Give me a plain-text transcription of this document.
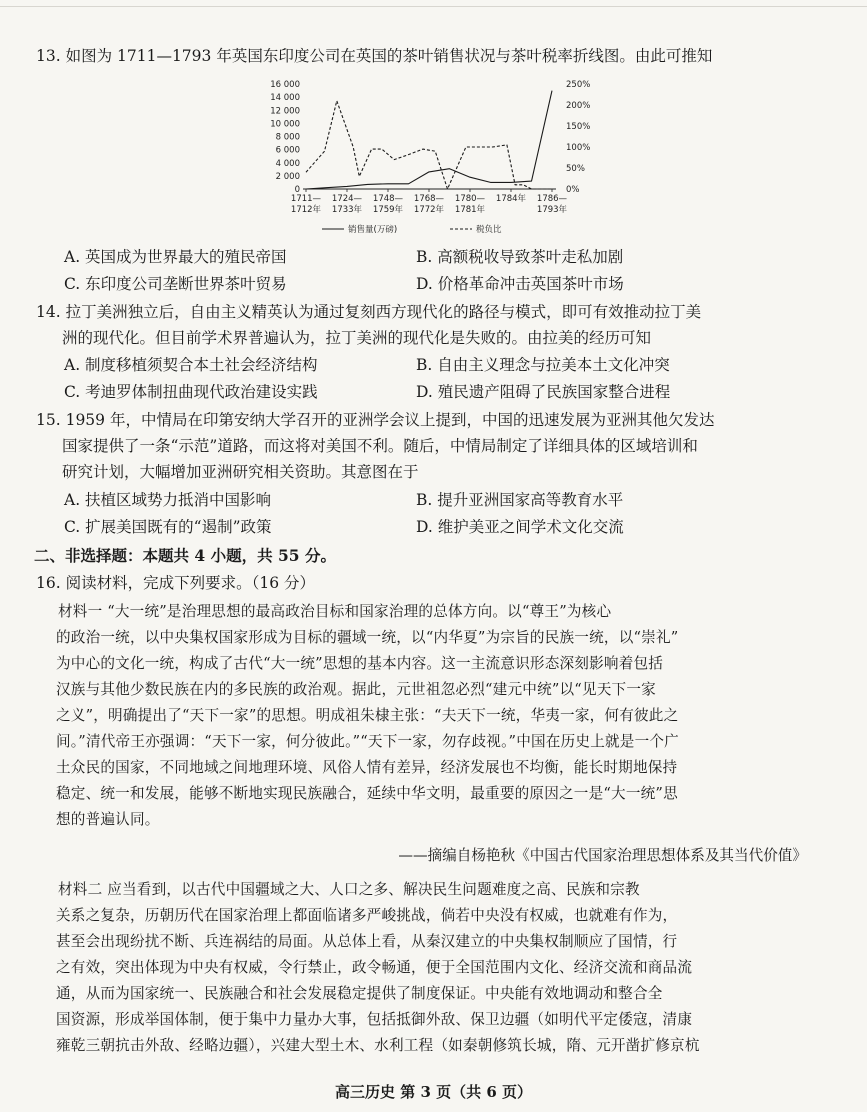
13. 如图为 1711—1793 年英国东印度公司在英国的茶叶销售状况与茶叶税率折线图。由此可推知
16 000
14 000
12 000
10 000
8 000
6 000
4 000
2 000
0
250%
200%
150%
100%
50%
0%
1711— 1712年
1724— 1733年
1748— 1759年
1768— 1772年
1780— 1781年
1784年 1786— 1793年
销售量(万磅)	税负比
A. 英国成为世界最大的殖民帝国	B. 高额税收导致茶叶走私加剧
C. 东印度公司垄断世界茶叶贸易	D. 价格革命冲击英国茶叶市场
14. 拉丁美洲独立后，自由主义精英认为通过复刻西方现代化的路径与模式，即可有效推动拉丁美
洲的现代化。但目前学术界普遍认为，拉丁美洲的现代化是失败的。由拉美的经历可知
A. 制度移植须契合本土社会经济结构	B. 自由主义理念与拉美本土文化冲突
C. 考迪罗体制扭曲现代政治建设实践	D. 殖民遗产阻碍了民族国家整合进程
15. 1959 年，中情局在印第安纳大学召开的亚洲学会议上提到，中国的迅速发展为亚洲其他欠发达
国家提供了一条“示范”道路，而这将对美国不利。随后，中情局制定了详细具体的区域培训和
研究计划，大幅增加亚洲研究相关资助。其意图在于
A. 扶植区域势力抵消中国影响	B. 提升亚洲国家高等教育水平
C. 扩展美国既有的“遏制”政策	D. 维护美亚之间学术文化交流
二、非选择题：本题共 4 小题，共 55 分。
16. 阅读材料，完成下列要求。（16 分）
材料一 “大一统”是治理思想的最高政治目标和国家治理的总体方向。以“尊王”为核心
的政治一统，以中央集权国家形成为目标的疆域一统，以“内华夏”为宗旨的民族一统，以“崇礼”
为中心的文化一统，构成了古代“大一统”思想的基本内容。这一主流意识形态深刻影响着包括
汉族与其他少数民族在内的多民族的政治观。据此，元世祖忽必烈“建元中统”以“见天下一家
之义”，明确提出了“天下一家”的思想。明成祖朱棣主张：“夫天下一统，华夷一家，何有彼此之
间。”清代帝王亦强调：“天下一家，何分彼此。”“天下一家，勿存歧视。”中国在历史上就是一个广
土众民的国家，不同地域之间地理环境、风俗人情有差异，经济发展也不均衡，能长时期地保持
稳定、统一和发展，能够不断地实现民族融合，延续中华文明，最重要的原因之一是“大一统”思
想的普遍认同。
——摘编自杨艳秋《中国古代国家治理思想体系及其当代价值》
材料二 应当看到，以古代中国疆域之大、人口之多、解决民生问题难度之高、民族和宗教
关系之复杂，历朝历代在国家治理上都面临诸多严峻挑战，倘若中央没有权威，也就难有作为，
甚至会出现纷扰不断、兵连祸结的局面。从总体上看，从秦汉建立的中央集权制顺应了国情，行
之有效，突出体现为中央有权威，令行禁止，政令畅通，便于全国范围内文化、经济交流和商品流
通，从而为国家统一、民族融合和社会发展稳定提供了制度保证。中央能有效地调动和整合全
国资源，形成举国体制，便于集中力量办大事，包括抵御外敌、保卫边疆（如明代平定倭寇，清康
雍乾三朝抗击外敌、经略边疆），兴建大型土木、水利工程（如秦朝修筑长城，隋、元开凿扩修京杭
高三历史 第 3 页（共 6 页）
